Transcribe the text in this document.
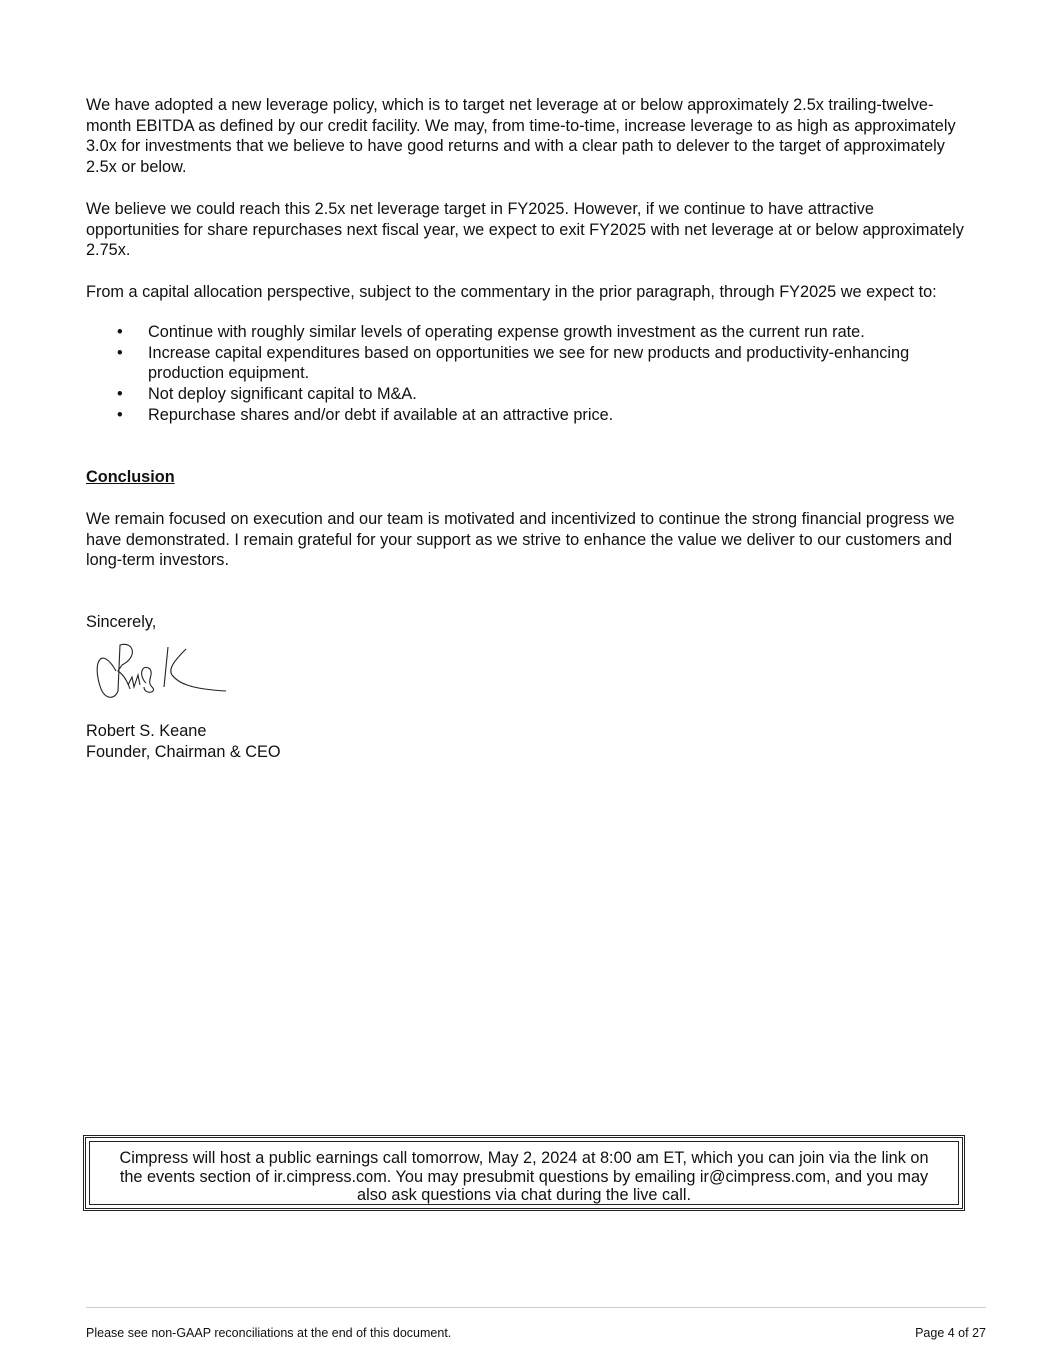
We have adopted a new leverage policy, which is to target net leverage at or below approximately 2.5x trailing-twelve-month EBITDA as defined by our credit facility. We may, from time-to-time, increase leverage to as high as approximately 3.0x for investments that we believe to have good returns and with a clear path to delever to the target of approximately 2.5x or below.

We believe we could reach this 2.5x net leverage target in FY2025. However, if we continue to have attractive opportunities for share repurchases next fiscal year, we expect to exit FY2025 with net leverage at or below approximately 2.75x.

From a capital allocation perspective, subject to the commentary in the prior paragraph, through FY2025 we expect to:

• Continue with roughly similar levels of operating expense growth investment as the current run rate.
• Increase capital expenditures based on opportunities we see for new products and productivity-enhancing production equipment.
• Not deploy significant capital to M&A.
• Repurchase shares and/or debt if available at an attractive price.
Conclusion

We remain focused on execution and our team is motivated and incentivized to continue the strong financial progress we have demonstrated. I remain grateful for your support as we strive to enhance the value we deliver to our customers and long-term investors.

Sincerely,

Robert S. Keane

Founder, Chairman & CEO

Cimpress will host a public earnings call tomorrow, May 2, 2024 at 8:00 am ET, which you can join via the link on the events section of ir.cimpress.com. You may presubmit questions by emailing ir@cimpress.com, and you may also ask questions via chat during the live call.

Please see non-GAAP reconciliations at the end of this document.	Page 4 of 27
